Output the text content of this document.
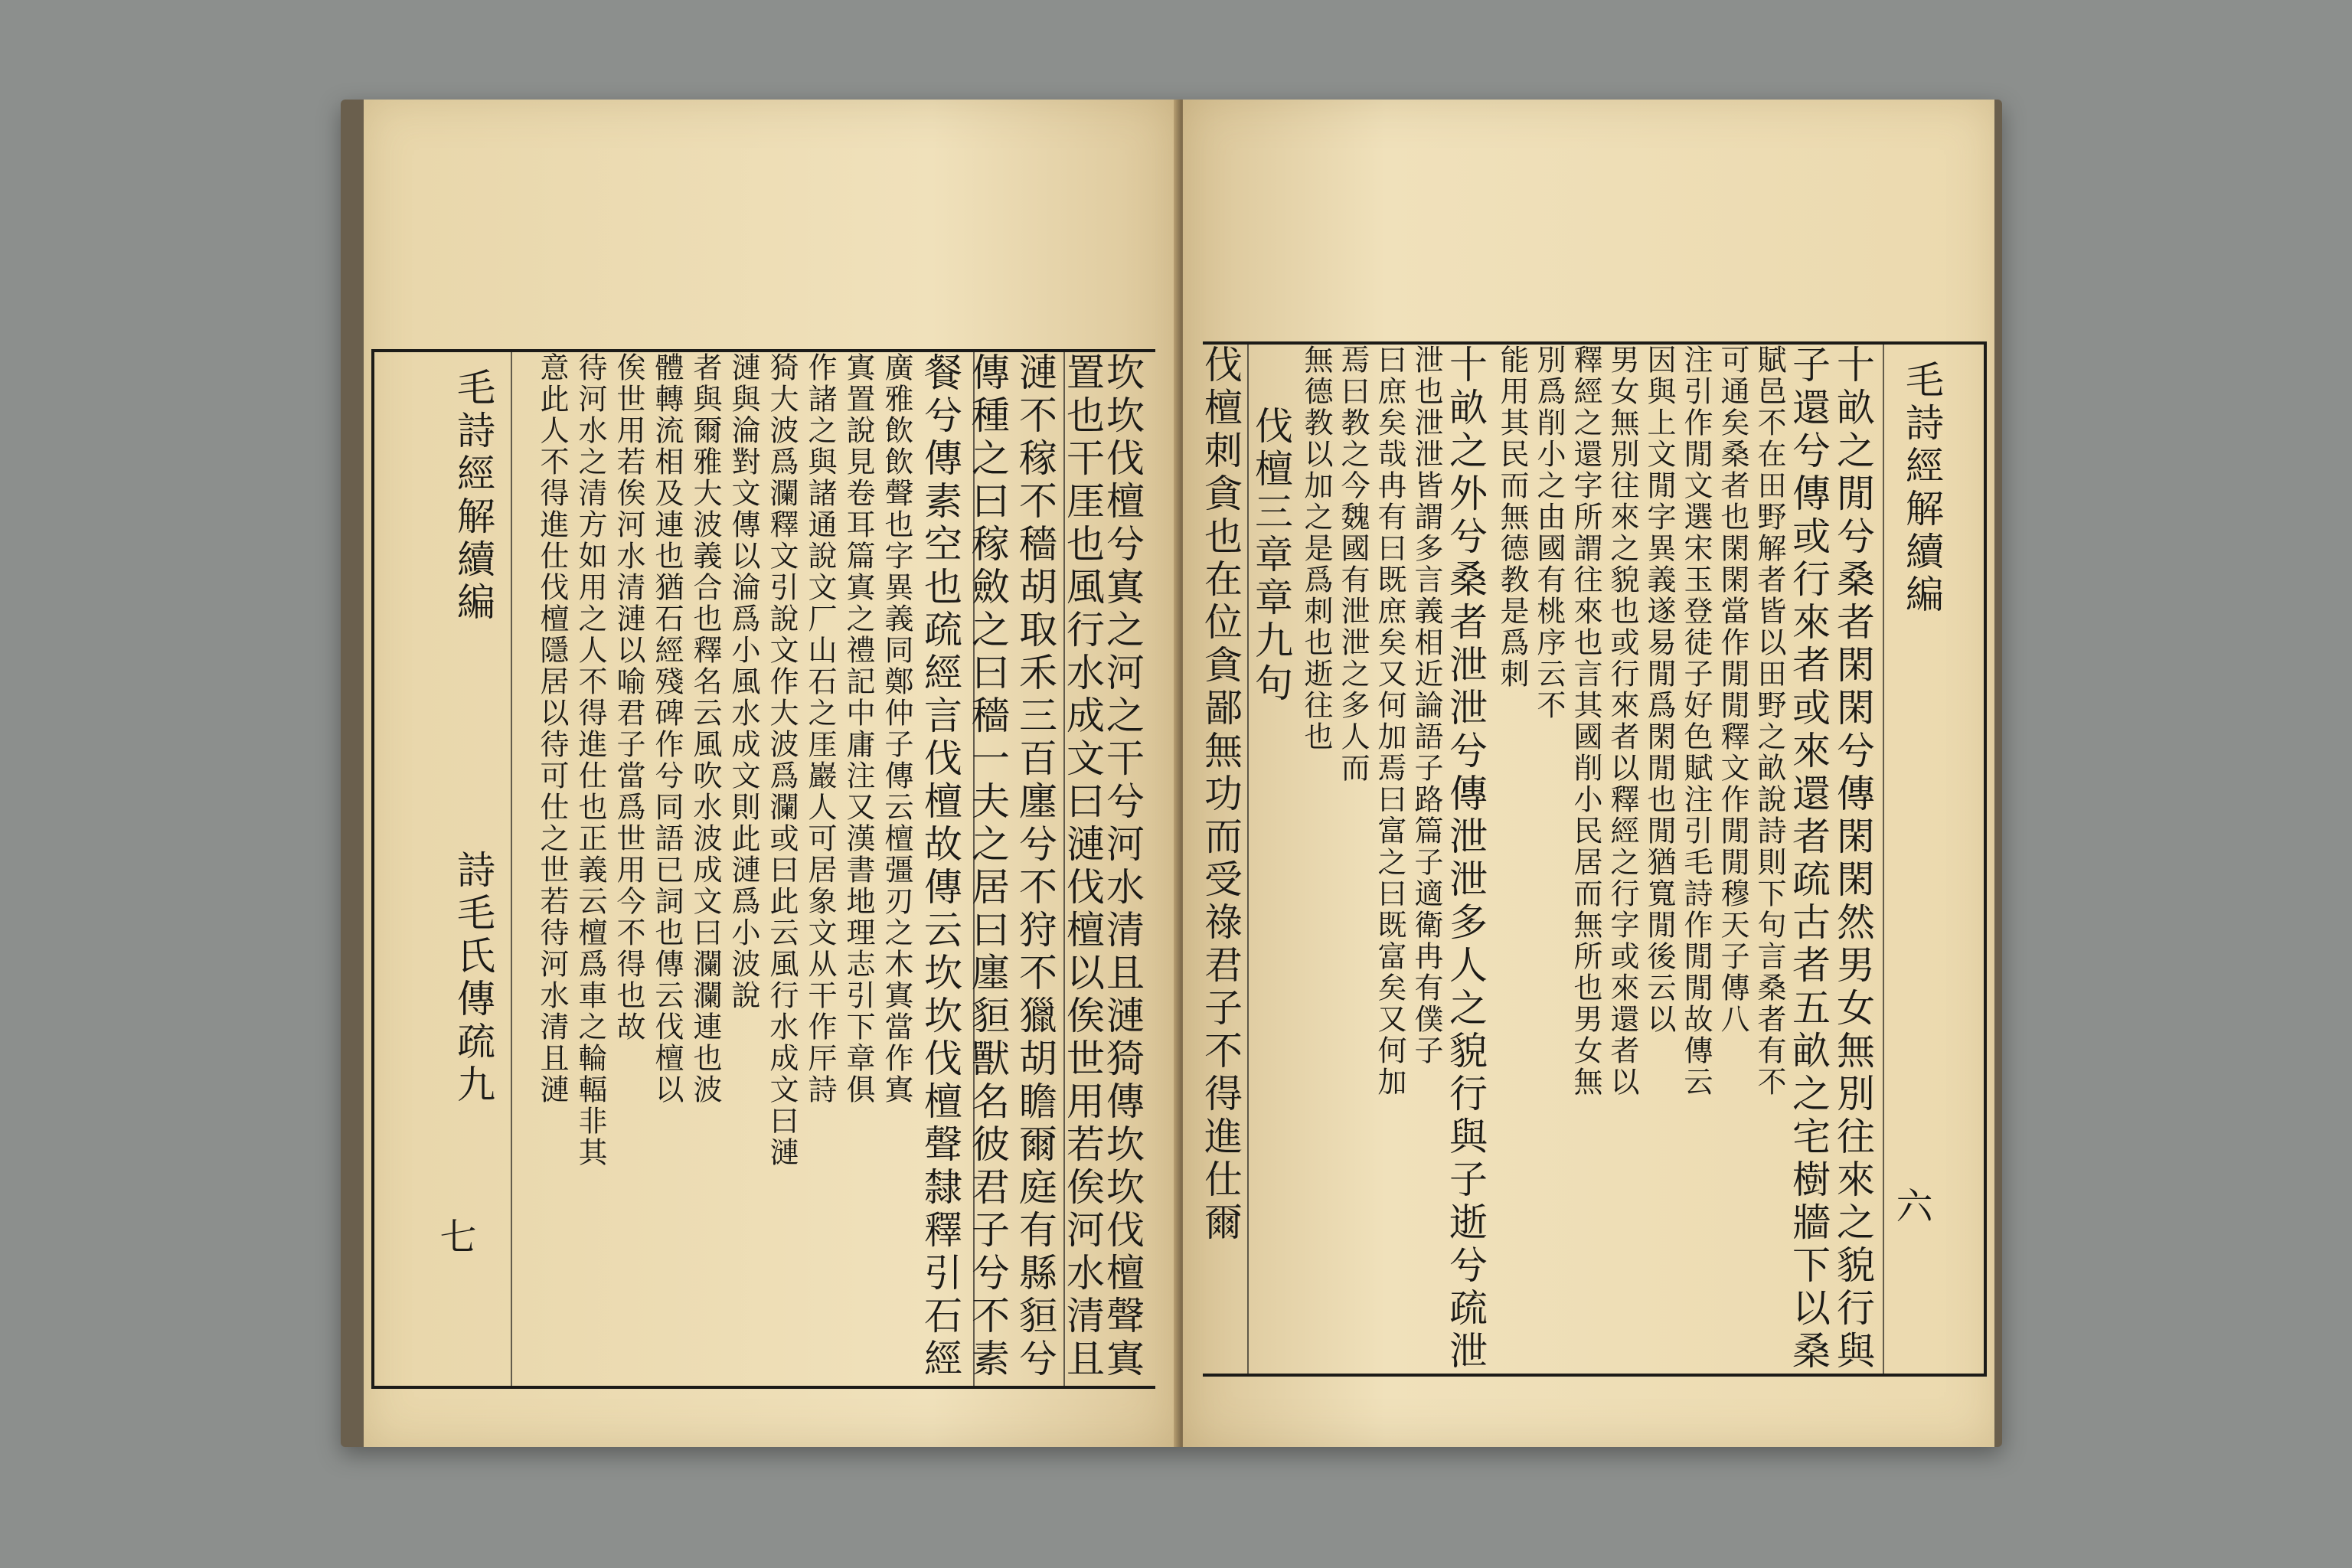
坎坎伐檀兮寘之河之干兮河水清且漣猗傳坎坎伐檀聲寘
置也干厓也風行水成文曰漣伐檀以俟世用若俟河水清且
漣不稼不穡胡取禾三百廛兮不狩不獵胡瞻爾庭有縣貆兮
傳種之曰稼斂之曰穡一夫之居曰廛貆獸名彼君子兮不素
餐兮傳素空也疏經言伐檀故傳云坎坎伐檀聲隸釋引石經
廣雅飲飲聲也字異義同鄭仲子傳云檀彊刃之木寘當作寘
寘置說見卷耳篇寘之禮記中庸注又漢書地理志引下章俱
作諸之與諸通說文厂山石之厓巖人可居象文从干作厈詩
猗大波爲瀾釋文引說文作大波爲瀾或曰此云風行水成文曰漣
漣與淪對文傳以淪爲小風水成文則此漣爲小波說
者與爾雅大波義合也釋名云風吹水波成文曰瀾瀾連也波
體轉流相及連也猶石經殘碑作兮同語已詞也傳云伐檀以
俟世用若俟河水清漣以喻君子當爲世用今不得也故
待河水之清方如用之人不得進仕也正義云檀爲車之輪輻非其
意此人不得進仕伐檀隱居以待可仕之世若待河水清且漣
毛詩經解續編
詩毛氏傳疏九
七
毛詩經解續編
六
十畝之閒兮桑者閑閑兮傳閑閑然男女無別往來之貌行與
子還兮傳或行來者或來還者疏古者五畝之宅樹牆下以桑
賦邑不在田野解者皆以田野之畝說詩則下句言桑者有不
可通矣桑者也閑閑當作閒閒釋文作閒閒穆天子傳八
注引作閒文選宋玉登徒子好色賦注引毛詩作閒閒故傳云
因與上文閒字異義遂易閒爲閑閒也閒猶寬閒後云以
男女無別往來之貌也或行來者以釋經之行字或來還者以
釋經之還字所謂往來也言其國削小民居而無所也男女無
別爲削小之由國有桃序云不
能用其民而無德教是爲刺
十畝之外兮桑者泄泄兮傳泄泄多人之貌行與子逝兮疏泄
泄也泄泄皆謂多言義相近論語子路篇子適衛冉有僕子
曰庶矣哉冉有曰既庶矣又何加焉曰富之曰既富矣又何加
焉曰教之今魏國有泄泄之多人而
無德教以加之是爲刺也逝往也
伐檀三章章九句
伐檀刺貪也在位貪鄙無功而受祿君子不得進仕爾
